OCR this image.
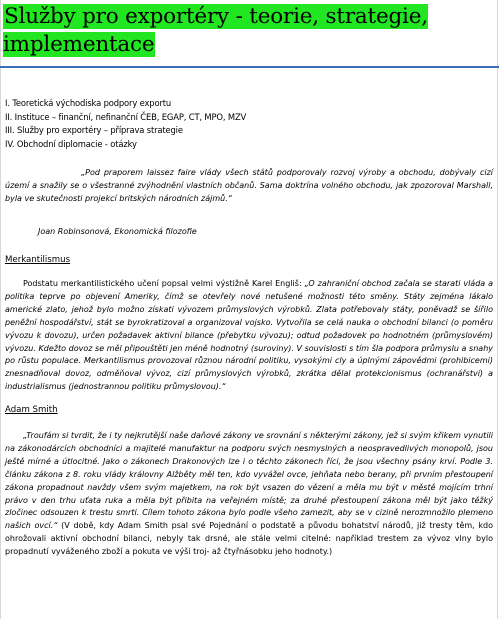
Služby pro exportéry - teorie, strategie, implementace
I. Teoretická východiska podpory exportu
II. Instituce – finanční, nefinanční ČEB, EGAP, CT, MPO, MZV
III. Služby pro exportéry – příprava strategie
IV. Obchodní diplomacie - otázky

„Pod praporem laissez faire vlády všech států podporovaly rozvoj výroby a obchodu, dobývaly cizí území a snažily se o všestranné zvýhodnění vlastních občanů. Sama doktrína volného obchodu, jak zpozoroval Marshall, byla ve skutečnosti projekcí britských národních zájmů.“

Joan Robinsonová, Ekonomická filozofie
Merkantilismus

Podstatu merkantilistického učení popsal velmi výstižně Karel Engliš: „O zahraniční obchod začala se starati vláda a politika teprve po objevení Ameriky, čímž se otevřely nové netušené možnosti této směny. Státy zejména lákalo americké zlato, jehož bylo možno získati vývozem průmyslových výrobků. Zlata potřebovaly státy, poněvadž se šířilo peněžní hospodářství, stát se byrokratizoval a organizoval vojsko. Vytvořila se celá nauka o obchodní bilanci (o poměru vývozu k dovozu), určen požadavek aktivní bilance (přebytku vývozu); odtud požadovek po hodnotném (průmyslovém) vývozu. Kdežto dovoz se měl připouštěti jen méně hodnotný (suroviny). V souvislosti s tím šla podpora průmyslu a snahy po růstu populace. Merkantilismus provozoval různou národní politiku, vysokými cly a úplnými zápovědmi (prohibicemi) znesnadňoval dovoz, odměňoval vývoz, cizí průmyslových výrobků, zkrátka dělal protekcionismus (ochranářství) a industrialismus (jednostrannou politiku průmyslovou).“

Adam Smith

„Troufám si tvrdit, že i ty nejkrutější naše daňové zákony ve srovnání s některými zákony, jež si svým křikem vynutili na zákonodárcích obchodníci a majitelé manufaktur na podporu svých nesmyslných a neospravedlivých monopolů, jsou ještě mírné a útlocitné. Jako o zákonech Drakonových lze i o těchto zákonech říci, že jsou všechny psány krví. Podle 3. článku zákona z 8. roku vlády královny Alžběty měl ten, kdo vyvážel ovce, jehňata nebo berany, při prvním přestoupení zákona propadnout navždy všem svým majetkem, na rok být vsazen do vězení a měla mu být v městě mojícím trhní právo v den trhu uťata ruka a měla být přibita na veřejném místě; za druhé přestoupení zákona měl být jako těžký zločinec odsouzen k trestu smrti. Cílem tohoto zákona bylo podle všeho zamezit, aby se v cizině nerozmnožilo plemeno našich ovcí.“ (V době, kdy Adam Smith psal své Pojednání o podstatě a původu bohatství národů, již tresty těm, kdo ohrožovali aktivní obchodní bilanci, nebyly tak drsné, ale stále velmi citelné: například trestem za vývoz vlny bylo propadnutí vyváženého zboží a pokuta ve výši troj- až čtyřnásobku jeho hodnoty.)
